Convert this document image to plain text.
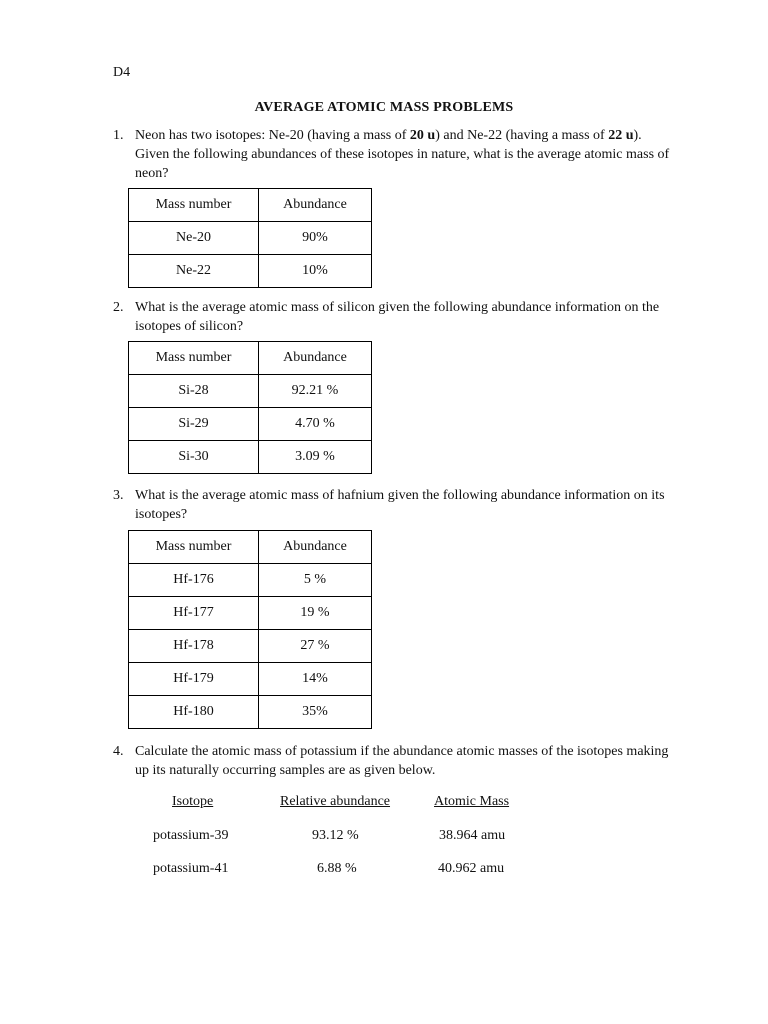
D4
AVERAGE ATOMIC MASS PROBLEMS
1. Neon has two isotopes: Ne-20 (having a mass of 20 u) and Ne-22 (having a mass of 22 u). Given the following abundances of these isotopes in nature, what is the average atomic mass of neon?
Mass number	Abundance
Ne-20	90%
Ne-22	10%
2. What is the average atomic mass of silicon given the following abundance information on the isotopes of silicon?
Mass number	Abundance
Si-28	92.21 %
Si-29	4.70 %
Si-30	3.09 %
3. What is the average atomic mass of hafnium given the following abundance information on its isotopes?
Mass number	Abundance
Hf-176	5 %
Hf-177	19 %
Hf-178	27 %
Hf-179	14%
Hf-180	35%
4. Calculate the atomic mass of potassium if the abundance atomic masses of the isotopes making up its naturally occurring samples are as given below.
Isotope	Relative abundance	Atomic Mass
potassium-39	93.12 %	38.964 amu
potassium-41	6.88 %	40.962 amu
